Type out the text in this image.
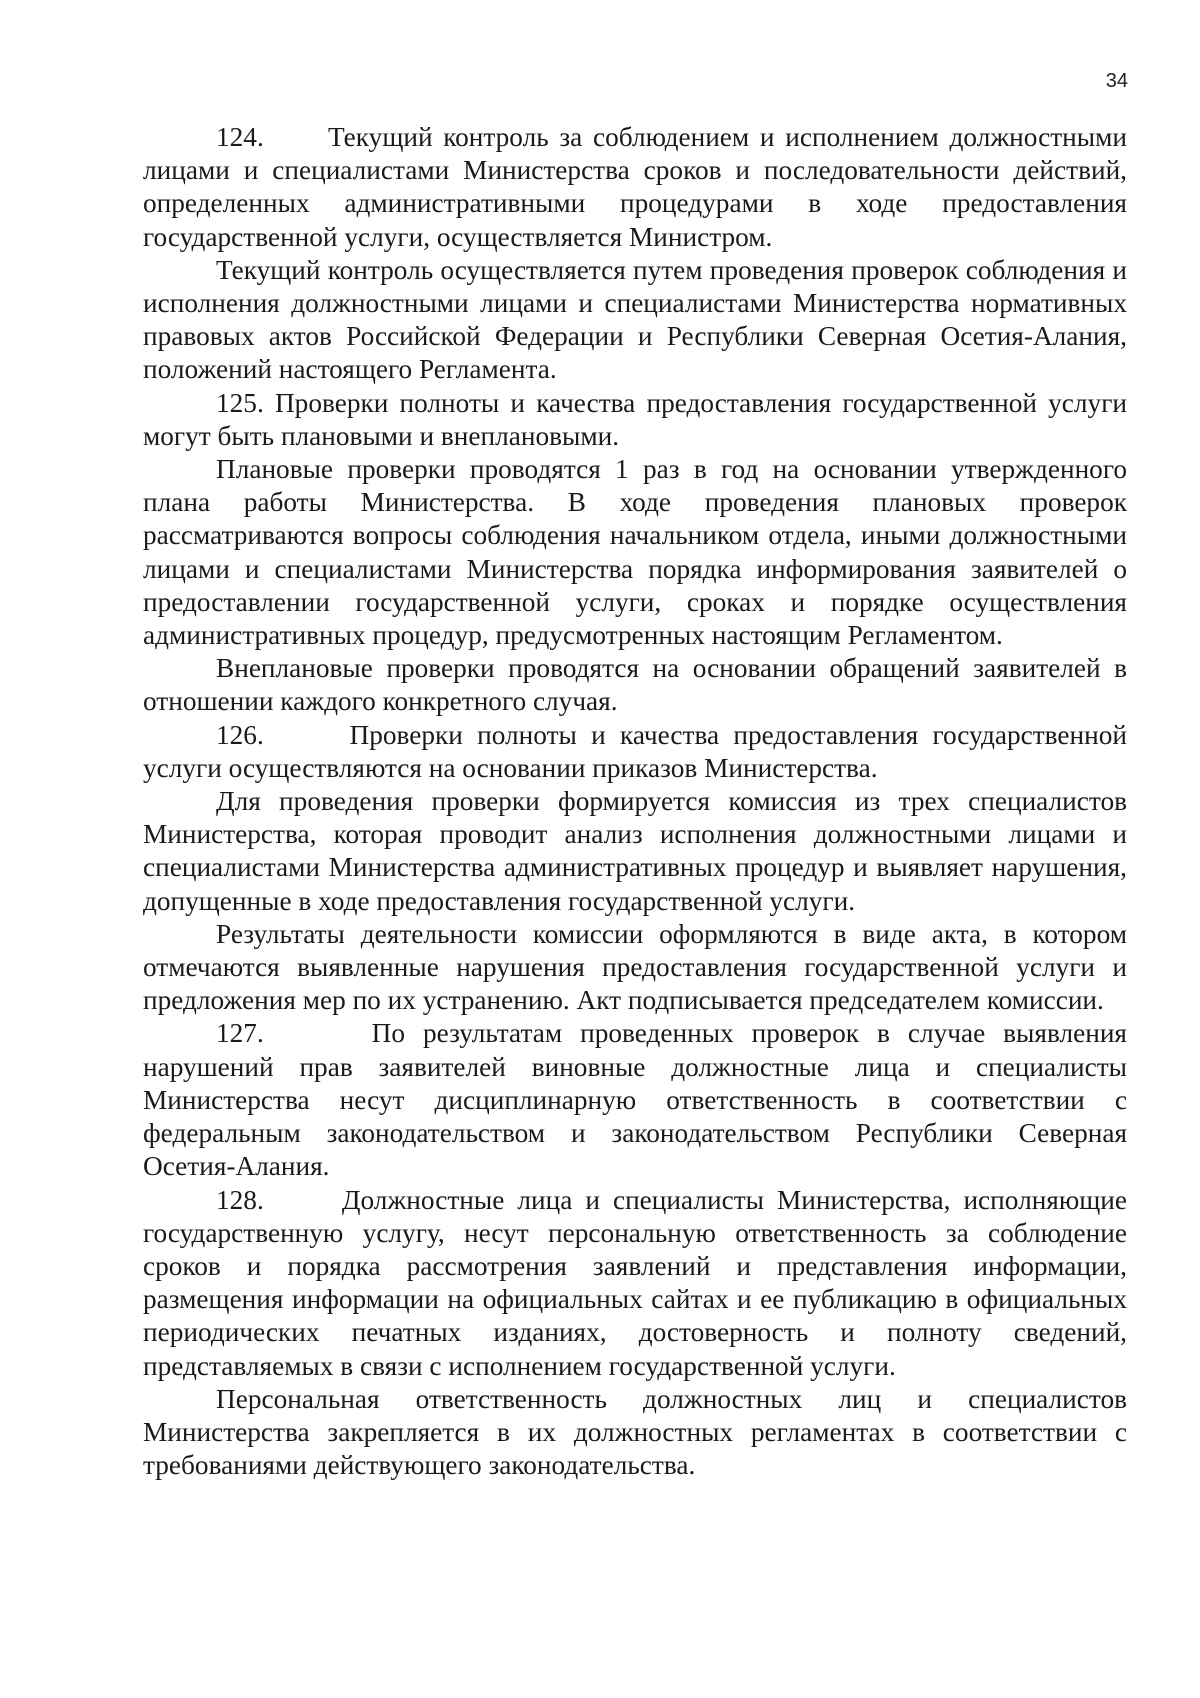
34

124.      Текущий контроль за соблюдением и исполнением должностными лицами и специалистами Министерства сроков и последовательности действий, определенных административными процедурами в ходе предоставления государственной услуги, осуществляется Министром.

Текущий контроль осуществляется путем проведения проверок соблюдения и исполнения должностными лицами и специалистами Министерства нормативных правовых актов Российской Федерации и Республики Северная Осетия-Алания, положений настоящего Регламента.

125. Проверки полноты и качества предоставления государственной услуги могут быть плановыми и внеплановыми.

Плановые проверки проводятся 1 раз в год на основании утвержденного плана работы Министерства. В ходе проведения плановых проверок рассматриваются вопросы соблюдения начальником отдела, иными должностными лицами и специалистами Министерства порядка информирования заявителей о предоставлении государственной услуги, сроках и порядке осуществления административных процедур, предусмотренных настоящим Регламентом.

Внеплановые проверки проводятся на основании обращений заявителей в отношении каждого конкретного случая.

126.      Проверки полноты и качества предоставления государственной услуги осуществляются на основании приказов Министерства.

Для проведения проверки формируется комиссия из трех специалистов Министерства, которая проводит анализ исполнения должностными лицами и специалистами Министерства административных процедур и выявляет нарушения, допущенные в ходе предоставления государственной услуги.

Результаты деятельности комиссии оформляются в виде акта, в котором отмечаются выявленные нарушения предоставления государственной услуги и предложения мер по их устранению. Акт подписывается председателем комиссии.

127.      По результатам проведенных проверок в случае выявления нарушений прав заявителей виновные должностные лица и специалисты Министерства несут дисциплинарную ответственность в соответствии с федеральным законодательством и законодательством Республики Северная Осетия-Алания.

128.      Должностные лица и специалисты Министерства, исполняющие государственную услугу, несут персональную ответственность за соблюдение сроков и порядка рассмотрения заявлений и представления информации, размещения информации на официальных сайтах и ее публикацию в официальных периодических печатных изданиях, достоверность и полноту сведений, представляемых в связи с исполнением государственной услуги.

Персональная ответственность должностных лиц и специалистов Министерства закрепляется в их должностных регламентах в соответствии с требованиями действующего законодательства.
